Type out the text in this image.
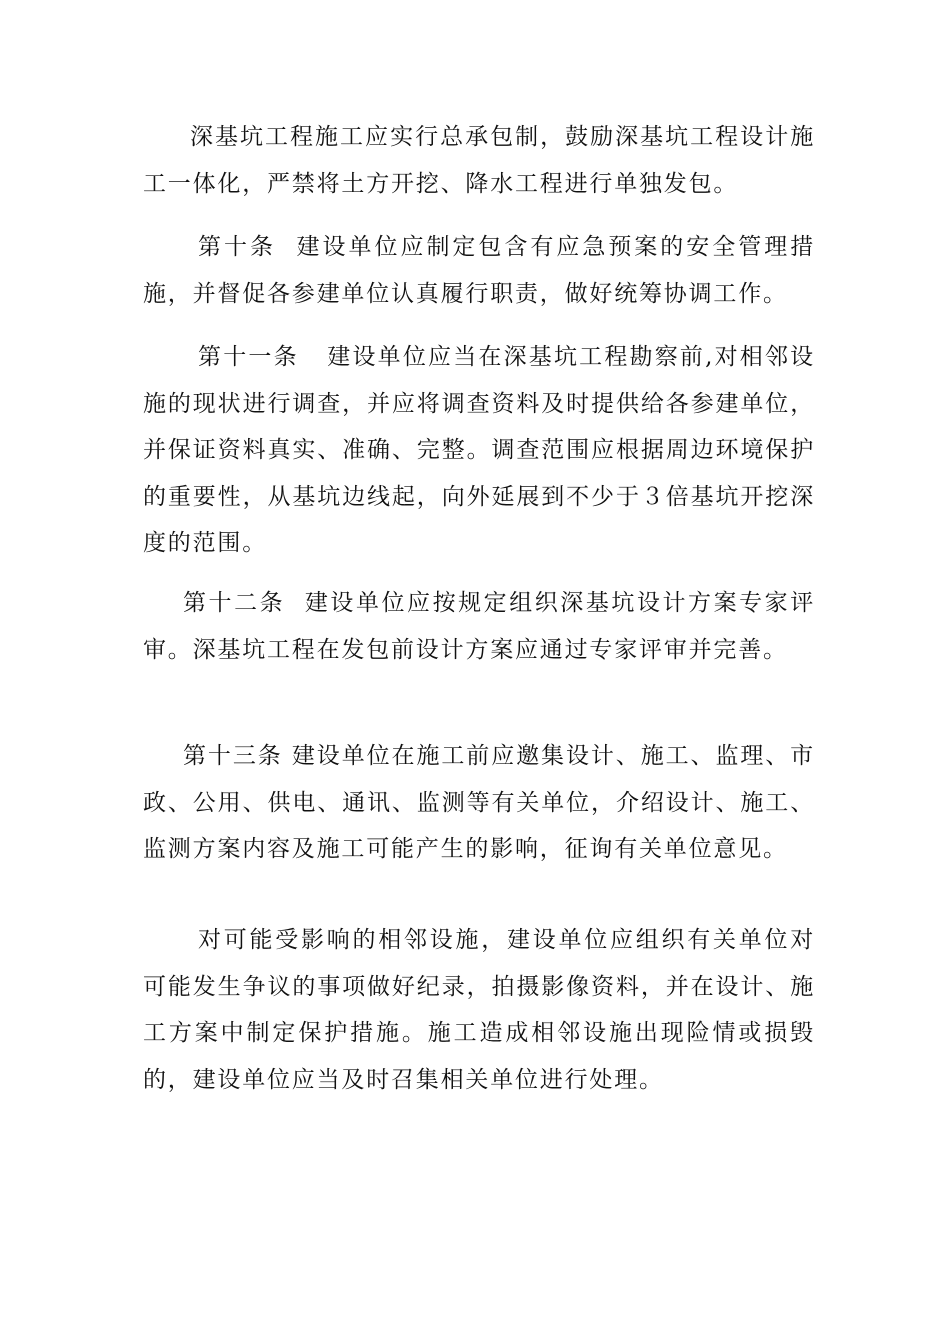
深基坑工程施工应实行总承包制，鼓励深基坑工程设计施工一体化，严禁将土方开挖、降水工程进行单独发包。

第十条  建设单位应制定包含有应急预案的安全管理措施，并督促各参建单位认真履行职责，做好统筹协调工作。

第十一条   建设单位应当在深基坑工程勘察前,对相邻设施的现状进行调查，并应将调查资料及时提供给各参建单位，并保证资料真实、准确、完整。调查范围应根据周边环境保护的重要性，从基坑边线起，向外延展到不少于３倍基坑开挖深度的范围。

第十二条  建设单位应按规定组织深基坑设计方案专家评审。深基坑工程在发包前设计方案应通过专家评审并完善。

第十三条 建设单位在施工前应邀集设计、施工、监理、市政、公用、供电、通讯、监测等有关单位，介绍设计、施工、监测方案内容及施工可能产生的影响，征询有关单位意见。

对可能受影响的相邻设施，建设单位应组织有关单位对可能发生争议的事项做好纪录，拍摄影像资料，并在设计、施工方案中制定保护措施。施工造成相邻设施出现险情或损毁的，建设单位应当及时召集相关单位进行处理。
